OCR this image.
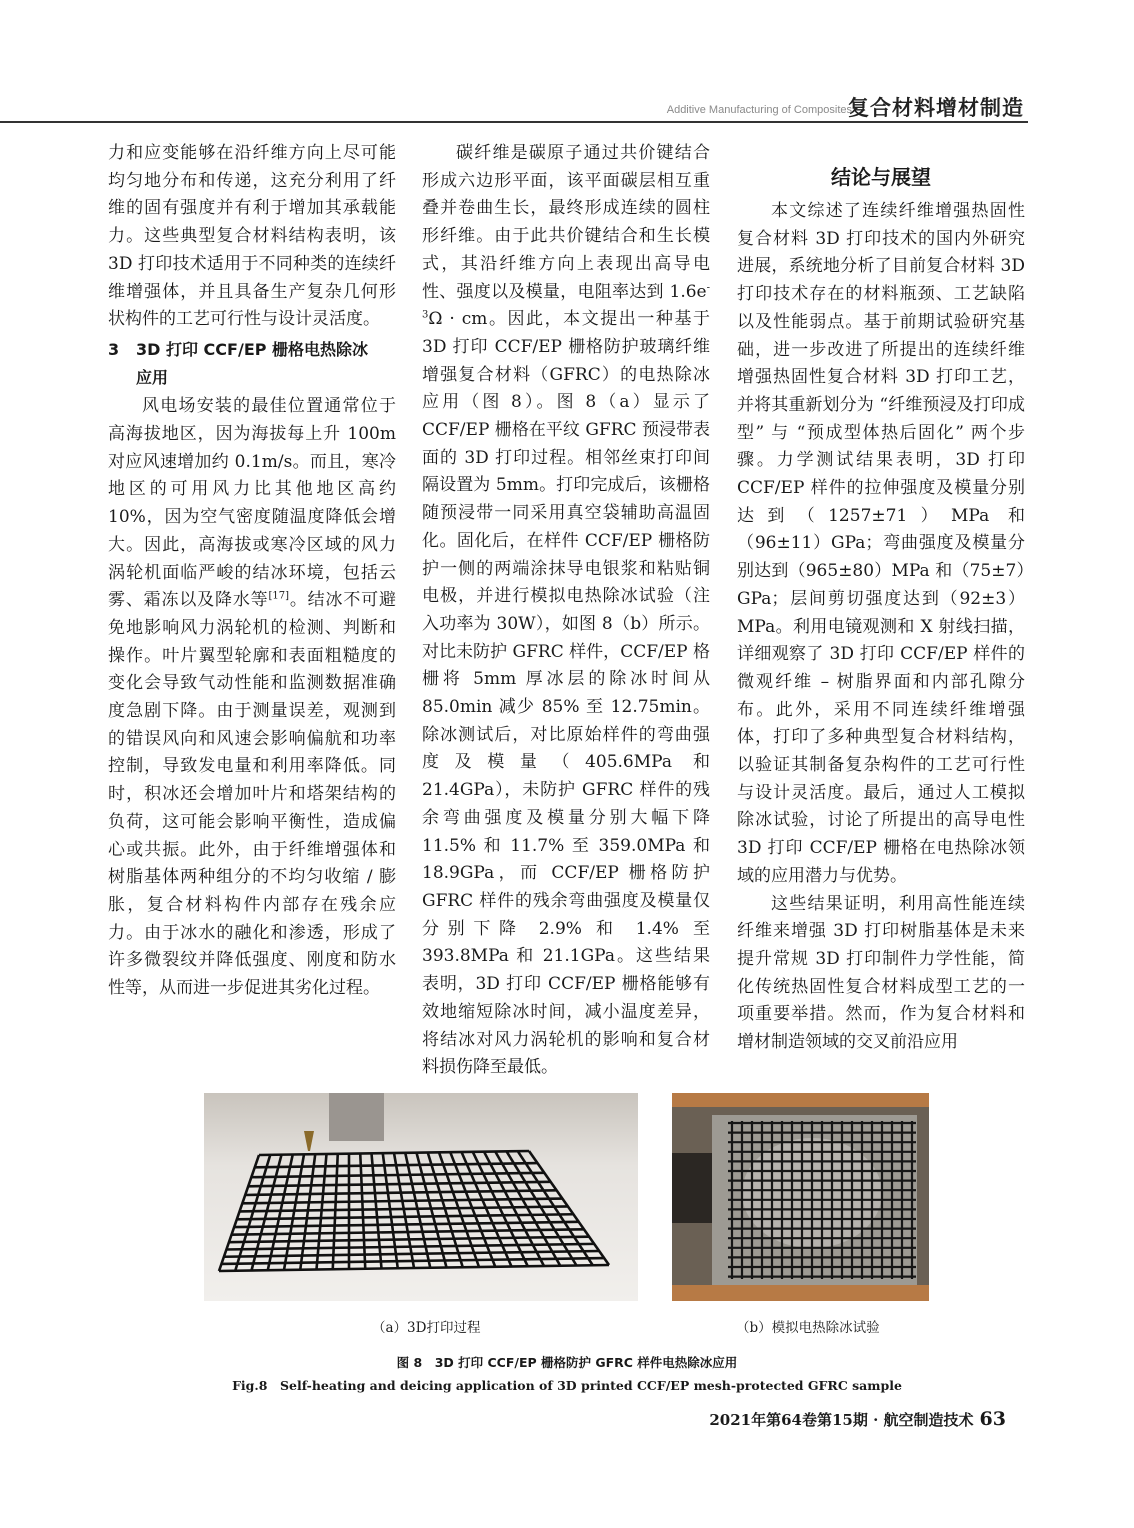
Additive Manufacturing of Composites
复合材料增材制造

力和应变能够在沿纤维方向上尽可能均匀地分布和传递，这充分利用了纤维的固有强度并有利于增加其承载能力。这些典型复合材料结构表明，该 3D 打印技术适用于不同种类的连续纤维增强体，并且具备生产复杂几何形状构件的工艺可行性与设计灵活度。

3 3D 打印 CCF/EP 栅格电热除冰
应用

风电场安装的最佳位置通常位于高海拔地区，因为海拔每上升 100m 对应风速增加约 0.1m/s。而且，寒冷地区的可用风力比其他地区高约 10%，因为空气密度随温度降低会增大。因此，高海拔或寒冷区域的风力涡轮机面临严峻的结冰环境，包括云雾、霜冻以及降水等[17]。结冰不可避免地影响风力涡轮机的检测、判断和操作。叶片翼型轮廓和表面粗糙度的变化会导致气动性能和监测数据准确度急剧下降。由于测量误差，观测到的错误风向和风速会影响偏航和功率控制，导致发电量和利用率降低。同时，积冰还会增加叶片和塔架结构的负荷，这可能会影响平衡性，造成偏心或共振。此外，由于纤维增强体和树脂基体两种组分的不均匀收缩 / 膨胀，复合材料构件内部存在残余应力。由于冰水的融化和渗透，形成了许多微裂纹并降低强度、刚度和防水性等，从而进一步促进其劣化过程。

碳纤维是碳原子通过共价键结合形成六边形平面，该平面碳层相互重叠并卷曲生长，最终形成连续的圆柱形纤维。由于此共价键结合和生长模式，其沿纤维方向上表现出高导电性、强度以及模量，电阻率达到 $1.6e^{-3}\Omega$ · cm。因此，本文提出一种基于 3D 打印 CCF/EP 栅格防护玻璃纤维增强复合材料（GFRC）的电热除冰应用（图 8）。图 8（a）显示了 CCF/EP 栅格在平纹 GFRC 预浸带表面的 3D 打印过程。相邻丝束打印间隔设置为 5mm。打印完成后，该栅格随预浸带一同采用真空袋辅助高温固化。固化后，在样件 CCF/EP 栅格防护一侧的两端涂抹导电银浆和粘贴铜电极，并进行模拟电热除冰试验（注入功率为 30W），如图 8（b）所示。对比未防护 GFRC 样件，CCF/EP 格栅将 5mm 厚冰层的除冰时间从 85.0min 减少 85% 至 12.75min。除冰测试后，对比原始样件的弯曲强度及模量（405.6MPa 和 21.4GPa），未防护 GFRC 样件的残余弯曲强度及模量分别大幅下降 11.5% 和 11.7% 至 359.0MPa 和 18.9GPa，而 CCF/EP 栅格防护 GFRC 样件的残余弯曲强度及模量仅分别下降 2.9% 和 1.4% 至 393.8MPa 和 21.1GPa。这些结果表明，3D 打印 CCF/EP 栅格能够有效地缩短除冰时间，减小温度差异，将结冰对风力涡轮机的影响和复合材料损伤降至最低。

结论与展望

本文综述了连续纤维增强热固性复合材料 3D 打印技术的国内外研究进展，系统地分析了目前复合材料 3D 打印技术存在的材料瓶颈、工艺缺陷以及性能弱点。基于前期试验研究基础，进一步改进了所提出的连续纤维增强热固性复合材料 3D 打印工艺，并将其重新划分为 “纤维预浸及打印成型” 与 “预成型体热后固化” 两个步骤。力学测试结果表明，3D 打印 CCF/EP 样件的拉伸强度及模量分别达到（1257±71）MPa 和（96±11）GPa；弯曲强度及模量分别达到（965±80）MPa 和（75±7）GPa；层间剪切强度达到（92±3）MPa。利用电镜观测和 X 射线扫描，详细观察了 3D 打印 CCF/EP 样件的微观纤维 – 树脂界面和内部孔隙分布。此外，采用不同连续纤维增强体，打印了多种典型复合材料结构，以验证其制备复杂构件的工艺可行性与设计灵活度。最后，通过人工模拟除冰试验，讨论了所提出的高导电性 3D 打印 CCF/EP 栅格在电热除冰领域的应用潜力与优势。

这些结果证明，利用高性能连续纤维来增强 3D 打印树脂基体是未来提升常规 3D 打印制件力学性能，简化传统热固性复合材料成型工艺的一项重要举措。然而，作为复合材料和增材制造领域的交叉前沿应用

（a）3D打印过程	（b）模拟电热除冰试验
图 8　3D 打印 CCF/EP 栅格防护 GFRC 样件电热除冰应用
Fig.8　Self-heating and deicing application of 3D printed CCF/EP mesh-protected GFRC sample
2021年第64卷第15期 · 航空制造技术 63
